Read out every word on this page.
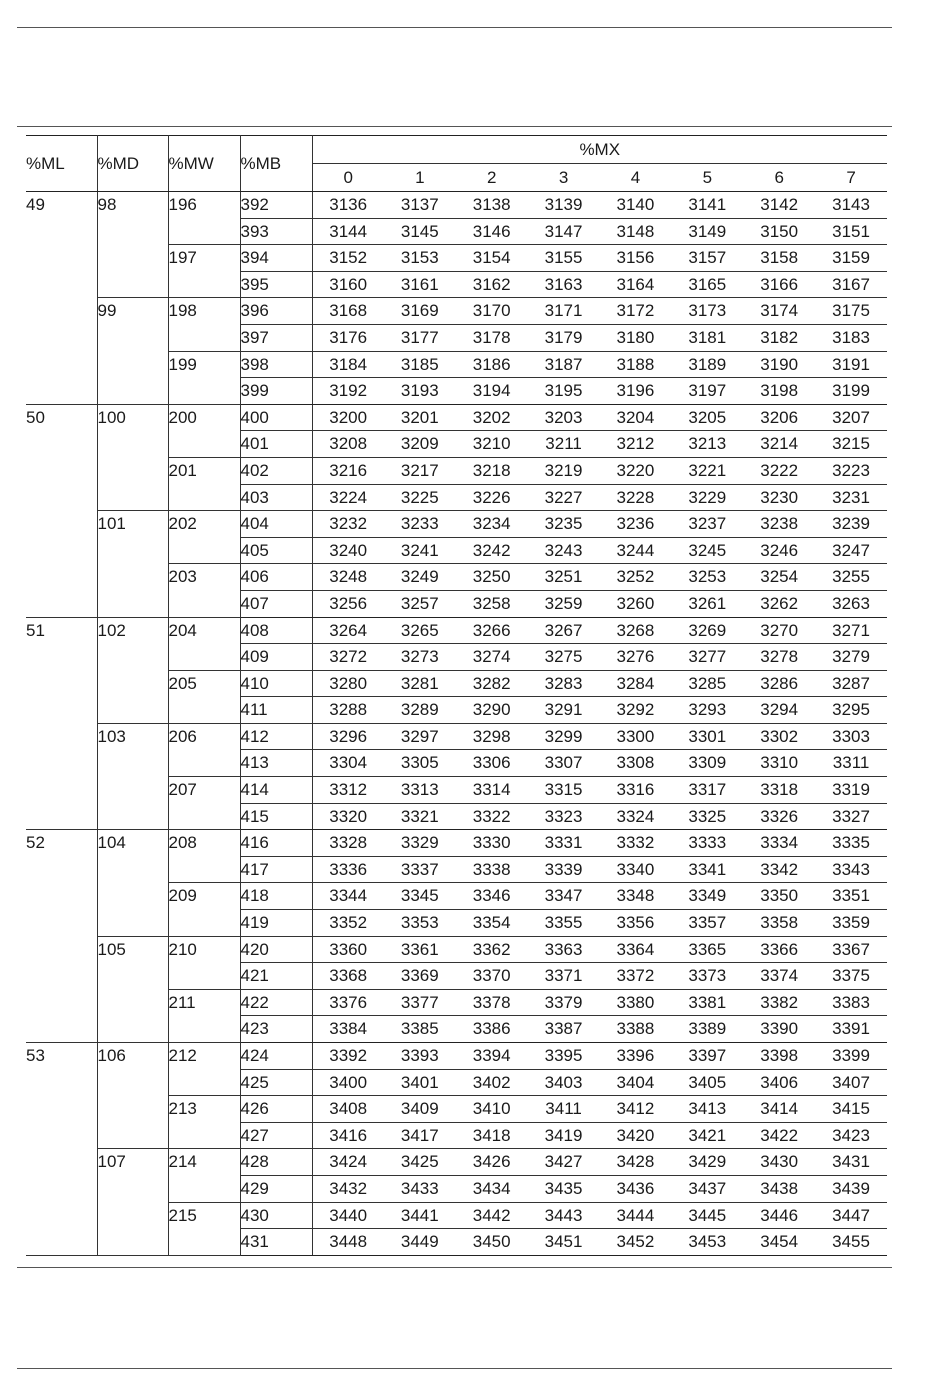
%ML	%MD	%MW	%MB	%MX							
				0	1	2	3	4	5	6	7
49	98	196	392	3136	3137	3138	3139	3140	3141	3142	3143
			393	3144	3145	3146	3147	3148	3149	3150	3151
		197	394	3152	3153	3154	3155	3156	3157	3158	3159
			395	3160	3161	3162	3163	3164	3165	3166	3167
	99	198	396	3168	3169	3170	3171	3172	3173	3174	3175
			397	3176	3177	3178	3179	3180	3181	3182	3183
		199	398	3184	3185	3186	3187	3188	3189	3190	3191
			399	3192	3193	3194	3195	3196	3197	3198	3199
50	100	200	400	3200	3201	3202	3203	3204	3205	3206	3207
			401	3208	3209	3210	3211	3212	3213	3214	3215
		201	402	3216	3217	3218	3219	3220	3221	3222	3223
			403	3224	3225	3226	3227	3228	3229	3230	3231
	101	202	404	3232	3233	3234	3235	3236	3237	3238	3239
			405	3240	3241	3242	3243	3244	3245	3246	3247
		203	406	3248	3249	3250	3251	3252	3253	3254	3255
			407	3256	3257	3258	3259	3260	3261	3262	3263
51	102	204	408	3264	3265	3266	3267	3268	3269	3270	3271
			409	3272	3273	3274	3275	3276	3277	3278	3279
		205	410	3280	3281	3282	3283	3284	3285	3286	3287
			411	3288	3289	3290	3291	3292	3293	3294	3295
	103	206	412	3296	3297	3298	3299	3300	3301	3302	3303
			413	3304	3305	3306	3307	3308	3309	3310	3311
		207	414	3312	3313	3314	3315	3316	3317	3318	3319
			415	3320	3321	3322	3323	3324	3325	3326	3327
52	104	208	416	3328	3329	3330	3331	3332	3333	3334	3335
			417	3336	3337	3338	3339	3340	3341	3342	3343
		209	418	3344	3345	3346	3347	3348	3349	3350	3351
			419	3352	3353	3354	3355	3356	3357	3358	3359
	105	210	420	3360	3361	3362	3363	3364	3365	3366	3367
			421	3368	3369	3370	3371	3372	3373	3374	3375
		211	422	3376	3377	3378	3379	3380	3381	3382	3383
			423	3384	3385	3386	3387	3388	3389	3390	3391
53	106	212	424	3392	3393	3394	3395	3396	3397	3398	3399
			425	3400	3401	3402	3403	3404	3405	3406	3407
		213	426	3408	3409	3410	3411	3412	3413	3414	3415
			427	3416	3417	3418	3419	3420	3421	3422	3423
	107	214	428	3424	3425	3426	3427	3428	3429	3430	3431
			429	3432	3433	3434	3435	3436	3437	3438	3439
		215	430	3440	3441	3442	3443	3444	3445	3446	3447
			431	3448	3449	3450	3451	3452	3453	3454	3455
